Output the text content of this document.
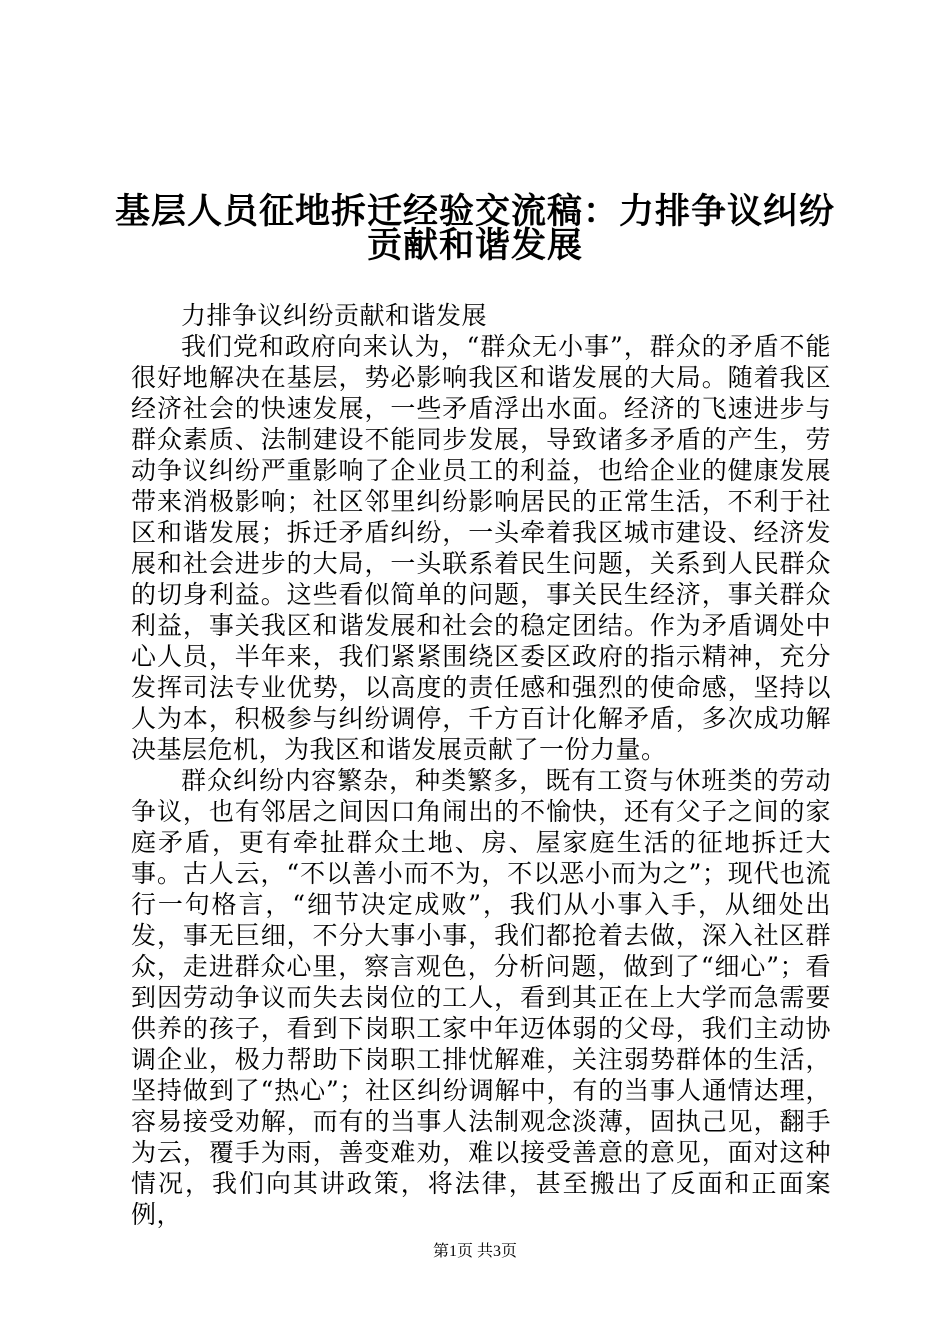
基层人员征地拆迁经验交流稿：力排争议纠纷
贡献和谐发展

力排争议纠纷贡献和谐发展

我们党和政府向来认为，“群众无小事”，群众的矛盾不能很好地解决在基层，势必影响我区和谐发展的大局。随着我区经济社会的快速发展，一些矛盾浮出水面。经济的飞速进步与群众素质、法制建设不能同步发展，导致诸多矛盾的产生，劳动争议纠纷严重影响了企业员工的利益，也给企业的健康发展带来消极影响；社区邻里纠纷影响居民的正常生活，不利于社区和谐发展；拆迁矛盾纠纷，一头牵着我区城市建设、经济发展和社会进步的大局，一头联系着民生问题，关系到人民群众的切身利益。这些看似简单的问题，事关民生经济，事关群众利益，事关我区和谐发展和社会的稳定团结。作为矛盾调处中心人员，半年来，我们紧紧围绕区委区政府的指示精神，充分发挥司法专业优势，以高度的责任感和强烈的使命感，坚持以人为本，积极参与纠纷调停，千方百计化解矛盾，多次成功解决基层危机，为我区和谐发展贡献了一份力量。

群众纠纷内容繁杂，种类繁多，既有工资与休班类的劳动争议，也有邻居之间因口角闹出的不愉快，还有父子之间的家庭矛盾，更有牵扯群众土地、房、屋家庭生活的征地拆迁大事。古人云，“不以善小而不为，不以恶小而为之”；现代也流行一句格言，“细节决定成败”，我们从小事入手，从细处出发，事无巨细，不分大事小事，我们都抢着去做，深入社区群众，走进群众心里，察言观色，分析问题，做到了“细心”；看到因劳动争议而失去岗位的工人，看到其正在上大学而急需要供养的孩子，看到下岗职工家中年迈体弱的父母，我们主动协调企业，极力帮助下岗职工排忧解难，关注弱势群体的生活，坚持做到了“热心”；社区纠纷调解中，有的当事人通情达理，容易接受劝解，而有的当事人法制观念淡薄，固执己见，翻手为云，覆手为雨，善变难劝，难以接受善意的意见，面对这种情况，我们向其讲政策，将法律，甚至搬出了反面和正面案例，

第1页 共3页
